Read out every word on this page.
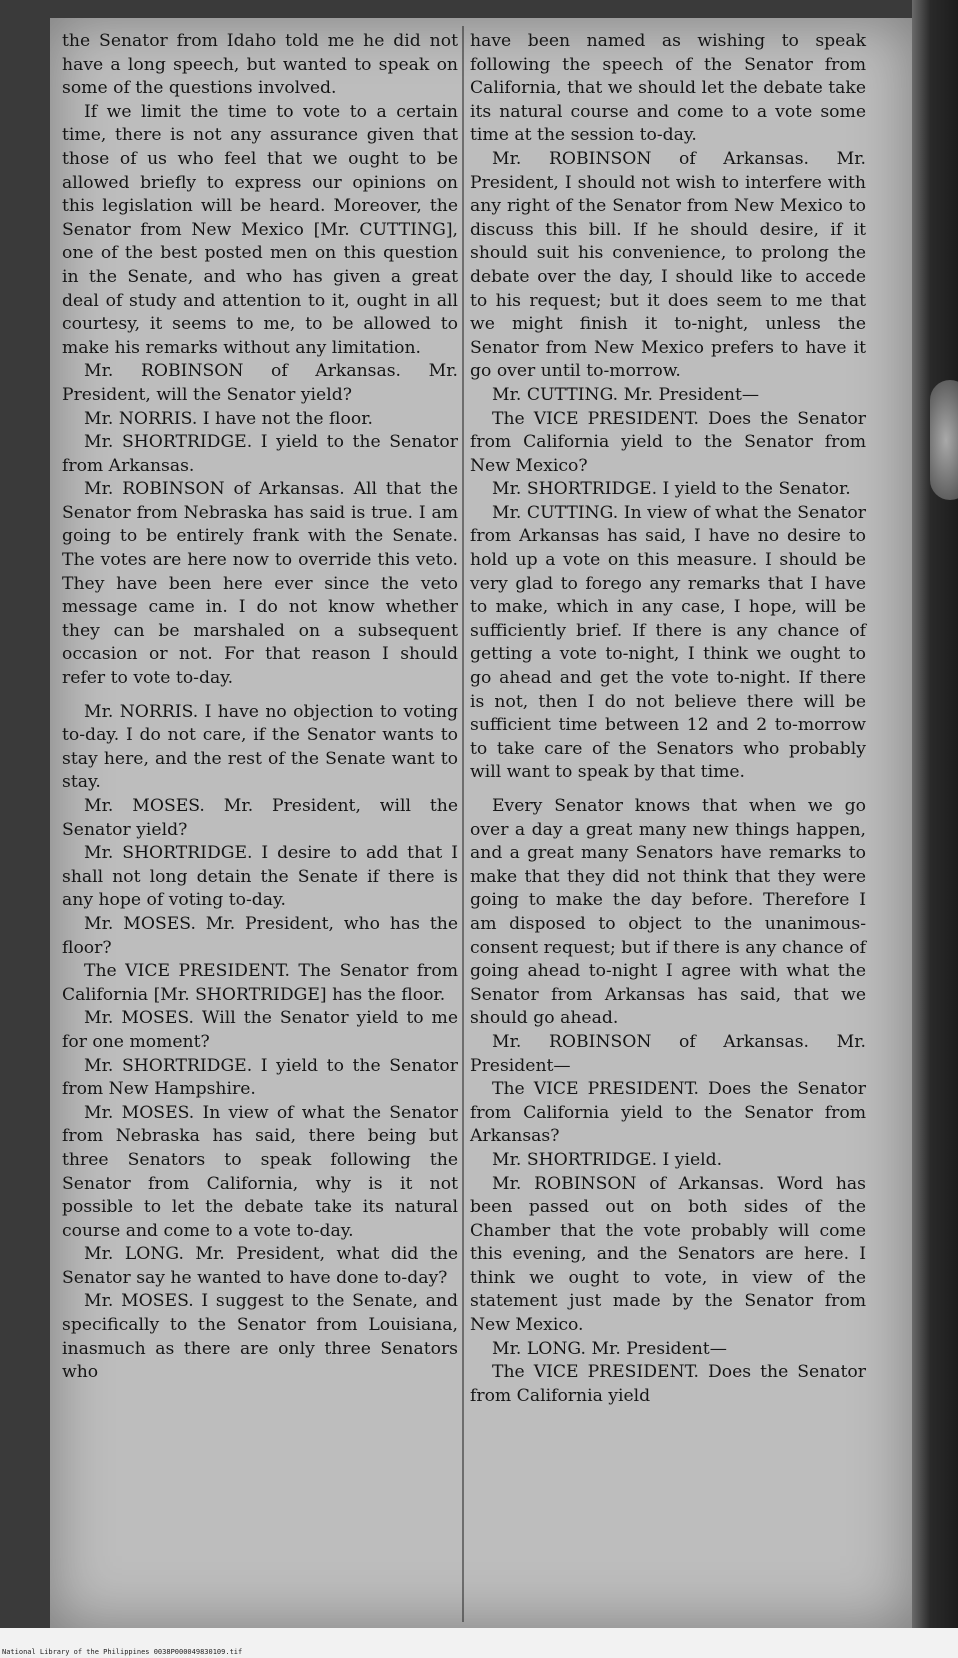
the Senator from Idaho told me he did not have a long speech, but wanted to speak on some of the questions involved.

If we limit the time to vote to a certain time, there is not any assurance given that those of us who feel that we ought to be allowed briefly to express our opinions on this legislation will be heard. Moreover, the Senator from New Mexico [Mr. CUTTING], one of the best posted men on this question in the Senate, and who has given a great deal of study and attention to it, ought in all courtesy, it seems to me, to be allowed to make his remarks without any limitation.

Mr. ROBINSON of Arkansas. Mr. President, will the Senator yield?

Mr. NORRIS. I have not the floor.

Mr. SHORTRIDGE. I yield to the Senator from Arkansas.

Mr. ROBINSON of Arkansas. All that the Senator from Nebraska has said is true. I am going to be entirely frank with the Senate. The votes are here now to override this veto. They have been here ever since the veto message came in. I do not know whether they can be marshaled on a subsequent occasion or not. For that reason I should refer to vote to-day.

Mr. NORRIS. I have no objection to voting to-day. I do not care, if the Senator wants to stay here, and the rest of the Senate want to stay.

Mr. MOSES. Mr. President, will the Senator yield?

Mr. SHORTRIDGE. I desire to add that I shall not long detain the Senate if there is any hope of voting to-day.

Mr. MOSES. Mr. President, who has the floor?

The VICE PRESIDENT. The Senator from California [Mr. SHORTRIDGE] has the floor.

Mr. MOSES. Will the Senator yield to me for one moment?

Mr. SHORTRIDGE. I yield to the Senator from New Hampshire.

Mr. MOSES. In view of what the Senator from Nebraska has said, there being but three Senators to speak following the Senator from California, why is it not possible to let the debate take its natural course and come to a vote to-day.

Mr. LONG. Mr. President, what did the Senator say he wanted to have done to-day?

Mr. MOSES. I suggest to the Senate, and specifically to the Senator from Louisiana, inasmuch as there are only three Senators who

have been named as wishing to speak following the speech of the Senator from California, that we should let the debate take its natural course and come to a vote some time at the session to-day.

Mr. ROBINSON of Arkansas. Mr. President, I should not wish to interfere with any right of the Senator from New Mexico to discuss this bill. If he should desire, if it should suit his convenience, to prolong the debate over the day, I should like to accede to his request; but it does seem to me that we might finish it to-night, unless the Senator from New Mexico prefers to have it go over until to-morrow.

Mr. CUTTING. Mr. President—

The VICE PRESIDENT. Does the Senator from California yield to the Senator from New Mexico?

Mr. SHORTRIDGE. I yield to the Senator.

Mr. CUTTING. In view of what the Senator from Arkansas has said, I have no desire to hold up a vote on this measure. I should be very glad to forego any remarks that I have to make, which in any case, I hope, will be sufficiently brief. If there is any chance of getting a vote to-night, I think we ought to go ahead and get the vote to-night. If there is not, then I do not believe there will be sufficient time between 12 and 2 to-morrow to take care of the Senators who probably will want to speak by that time.

Every Senator knows that when we go over a day a great many new things happen, and a great many Senators have remarks to make that they did not think that they were going to make the day before. Therefore I am disposed to object to the unanimous-consent request; but if there is any chance of going ahead to-night I agree with what the Senator from Arkansas has said, that we should go ahead.

Mr. ROBINSON of Arkansas. Mr. President—

The VICE PRESIDENT. Does the Senator from California yield to the Senator from Arkansas?

Mr. SHORTRIDGE. I yield.

Mr. ROBINSON of Arkansas. Word has been passed out on both sides of the Chamber that the vote probably will come this evening, and the Senators are here. I think we ought to vote, in view of the statement just made by the Senator from New Mexico.

Mr. LONG. Mr. President—

The VICE PRESIDENT. Does the Senator from California yield

National Library of the Philippines 0038P000049830109.tif
